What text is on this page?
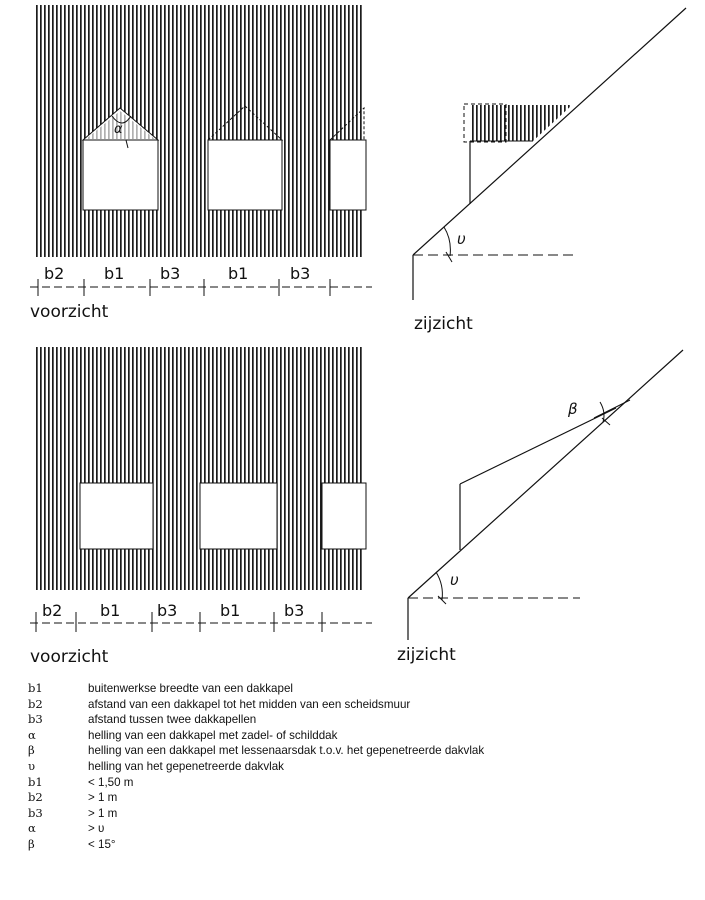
α
b2 b1 b3	b1	b3
voorzicht
υ
zijzicht
b2 b1 b3	b1	b3
voorzicht
β
υ
zijzicht
b1	buitenwerkse breedte van een dakkapel
b2	afstand van een dakkapel tot het midden van een scheidsmuur
b3	afstand tussen twee dakkapellen
α	helling van een dakkapel met zadel- of schilddak
β	helling van een dakkapel met lessenaarsdak t.o.v. het gepenetreerde dakvlak
υ	helling van het gepenetreerde dakvlak
b1	< 1,50 m
b2	> 1 m
b3	> 1 m
α	> υ
β	< 15°
